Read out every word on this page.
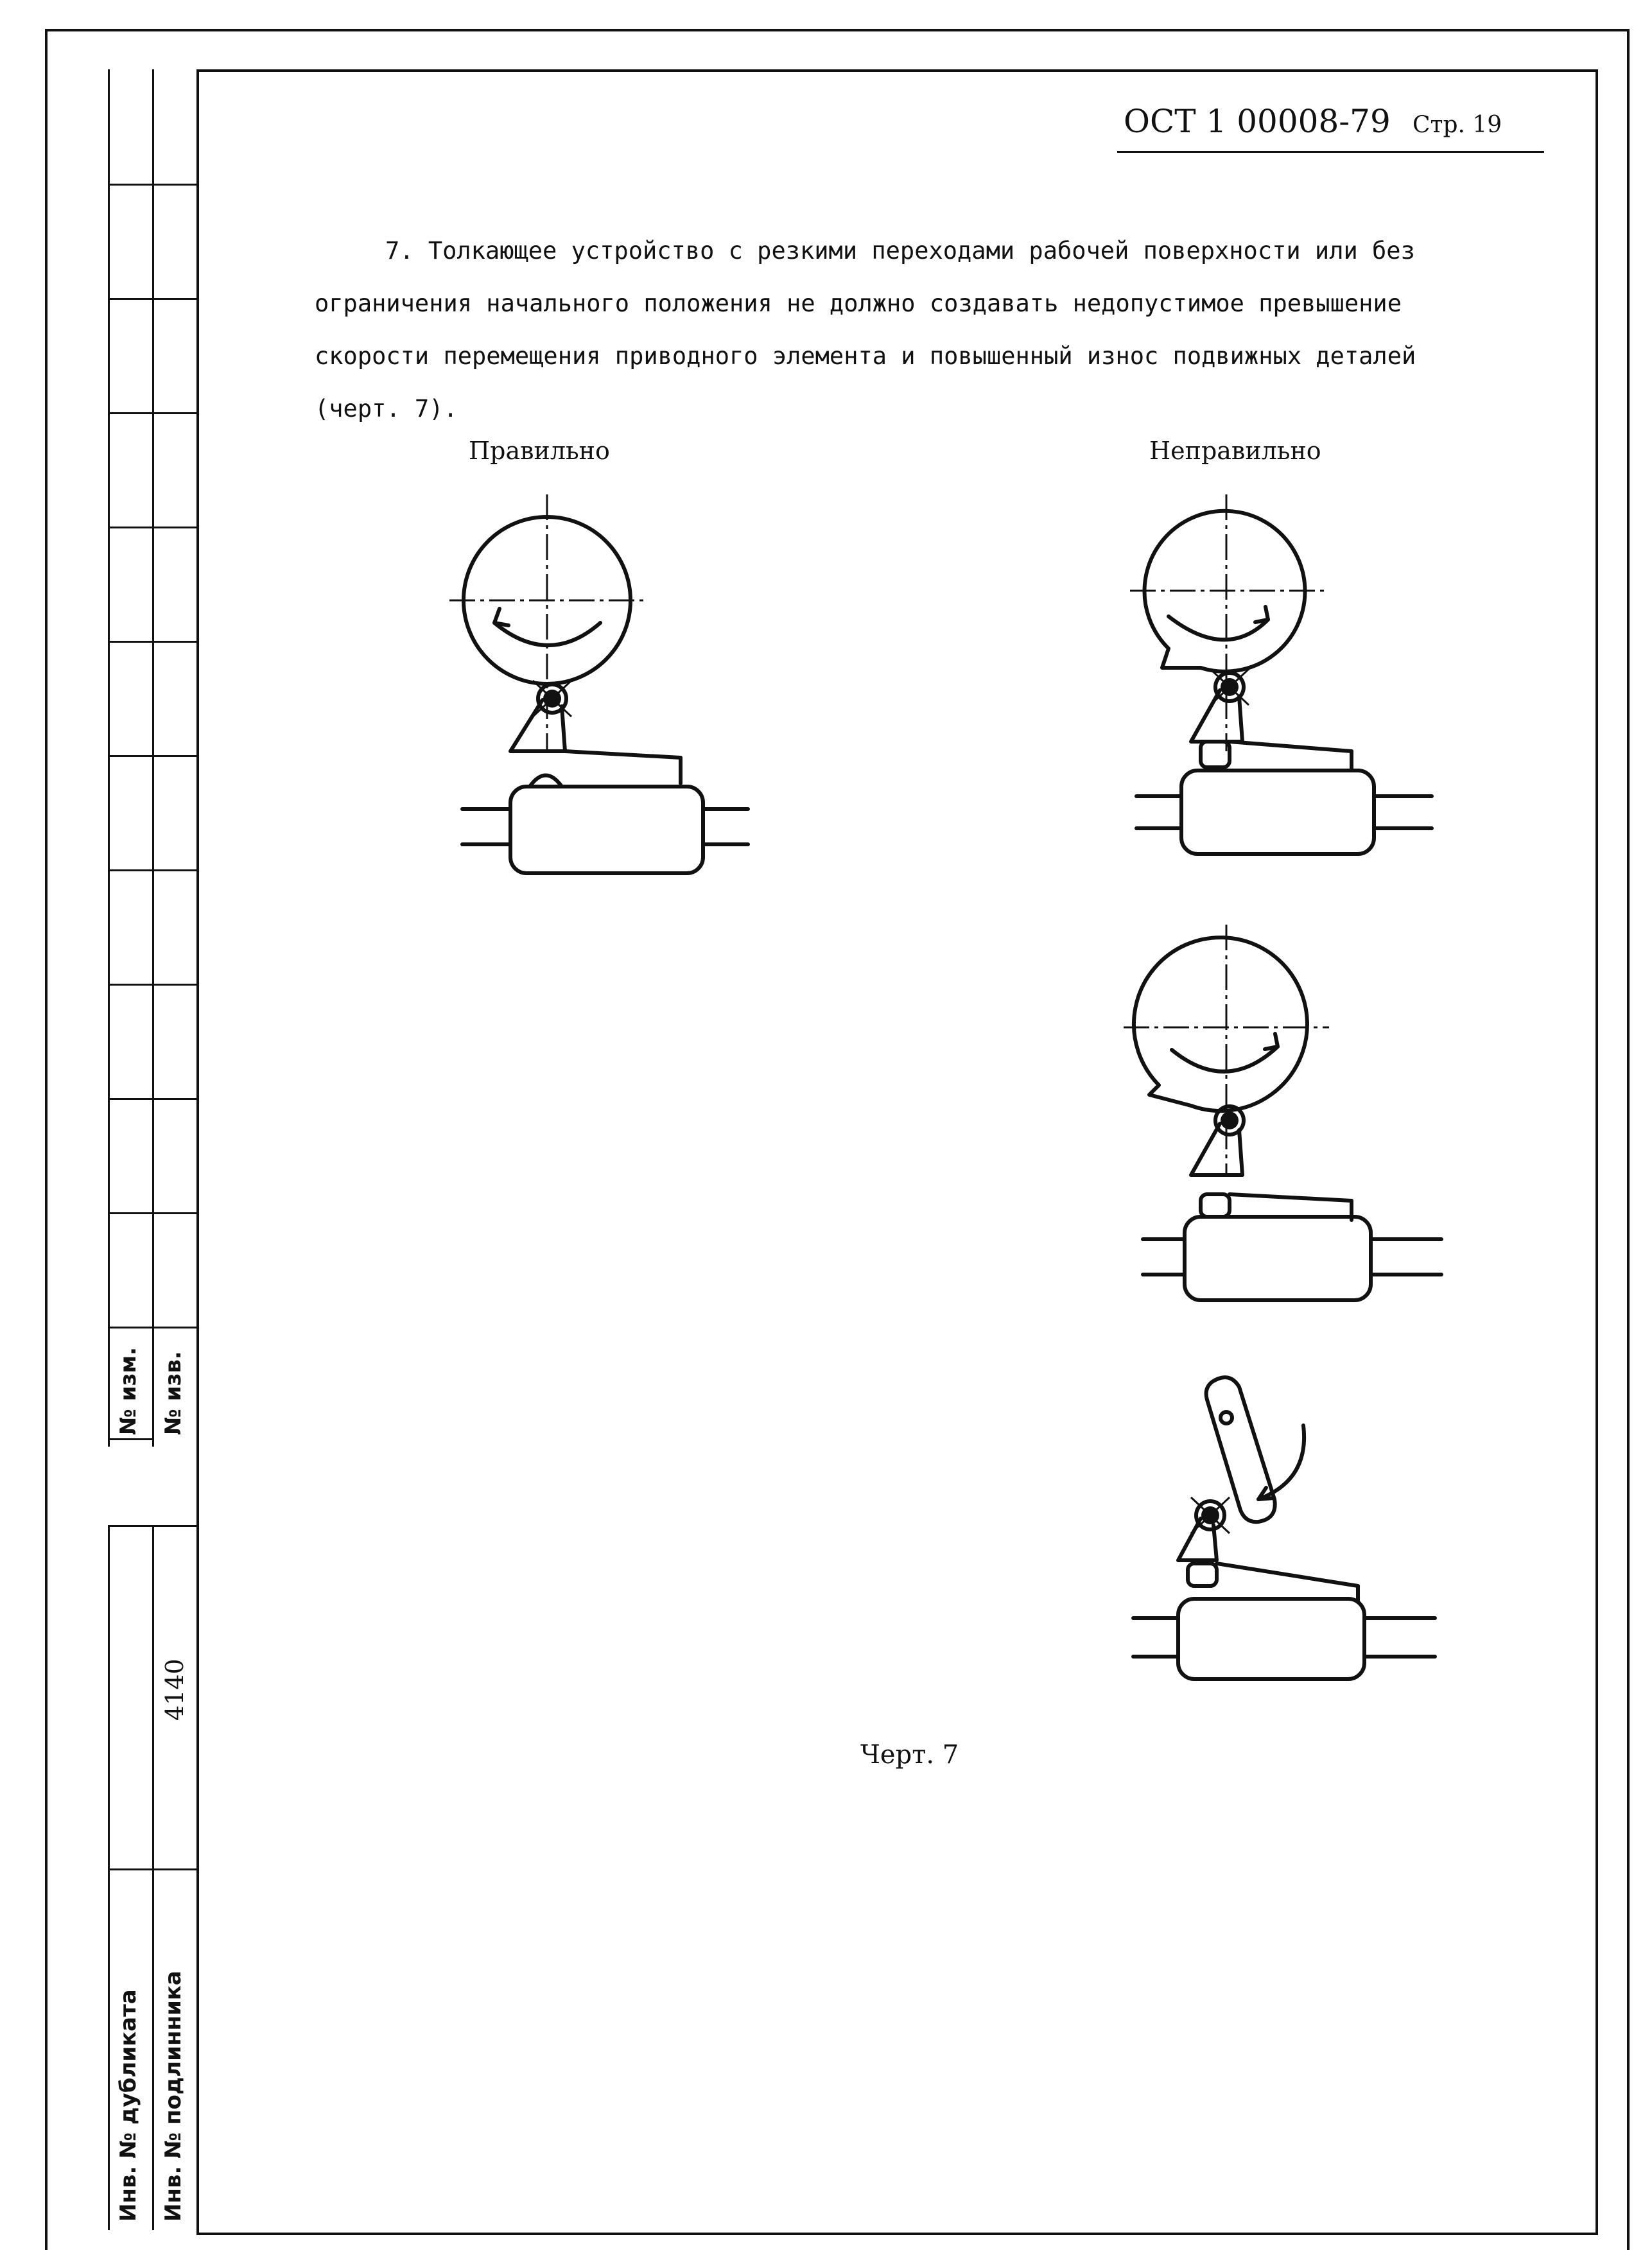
№ изм. № изв.
4140
Инв. № дубликата Инв. № подлинника
ОСТ 1 00008-79 Стр. 19

7. Толкающее устройство с резкими переходами рабочей поверхности или без ограничения начального положения не должно создавать недопустимое превышение скорости перемещения приводного элемента и повышенный износ подвижных деталей (черт. 7).

Правильно	Неправильно
Черт. 7
